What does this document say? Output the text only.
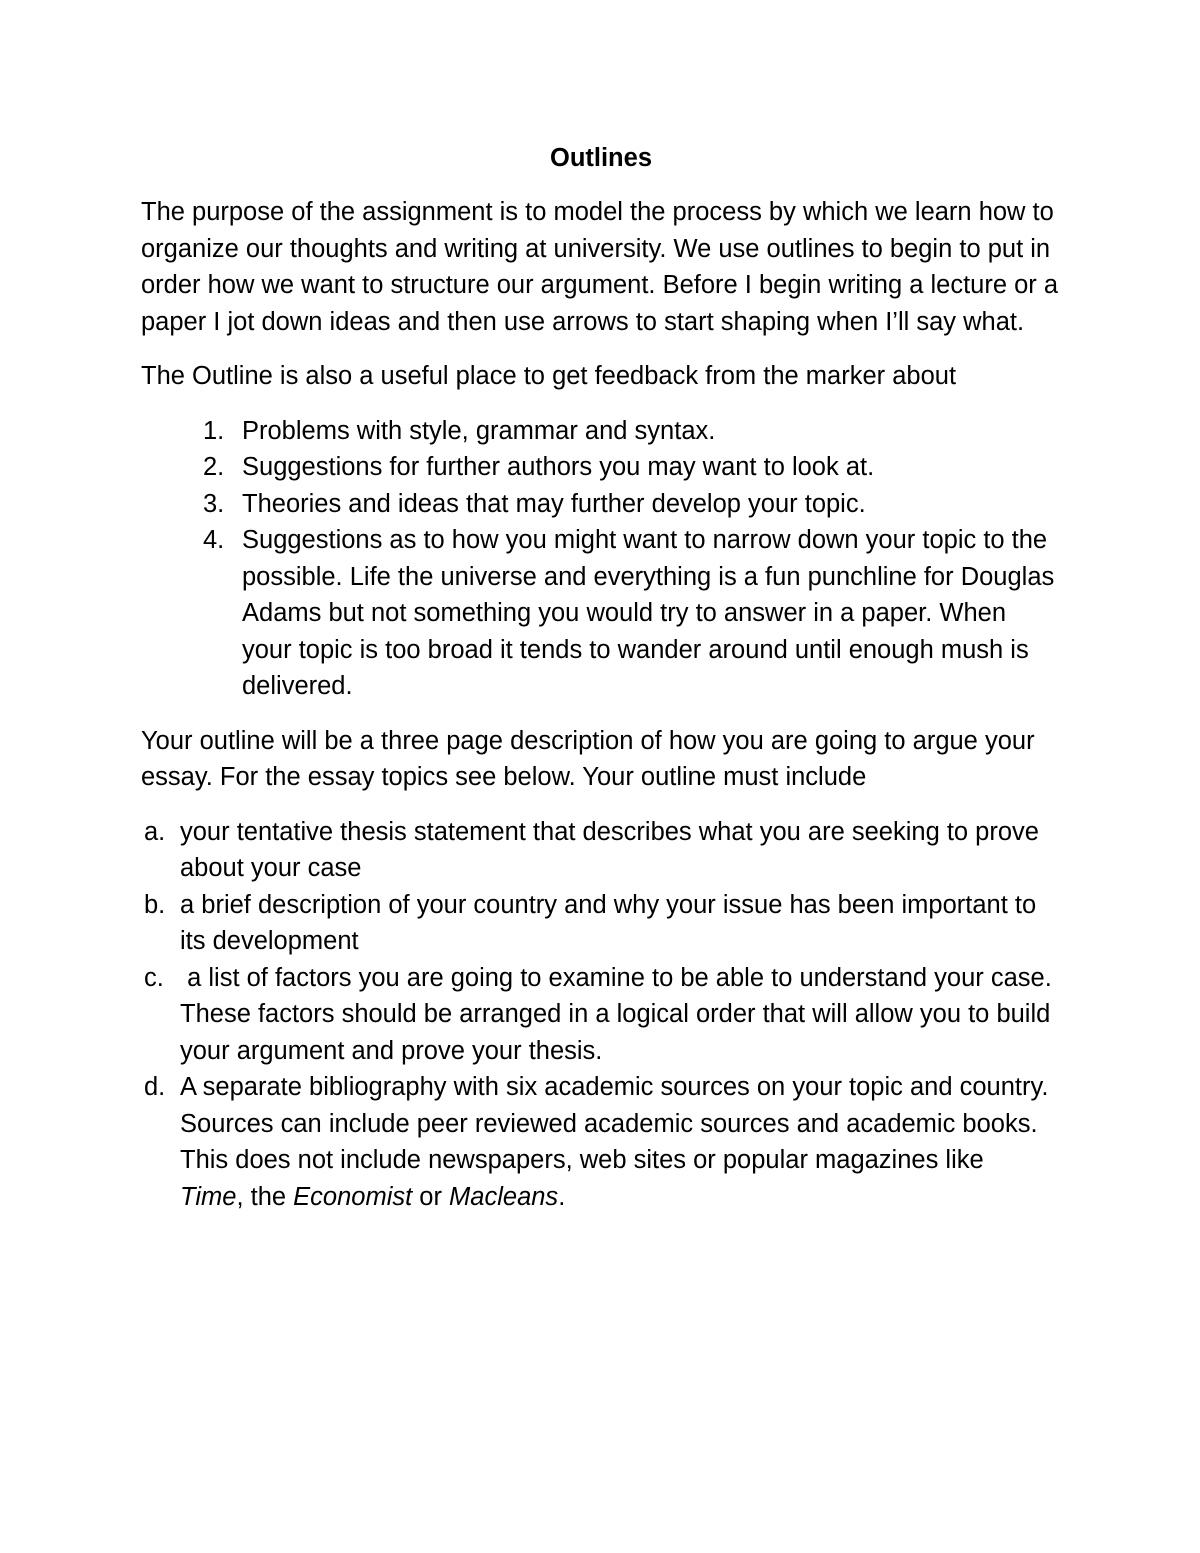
Outlines

The purpose of the assignment is to model the process by which we learn how to organize our thoughts and writing at university. We use outlines to begin to put in order how we want to structure our argument. Before I begin writing a lecture or a paper I jot down ideas and then use arrows to start shaping when I’ll say what.

The Outline is also a useful place to get feedback from the marker about

1. Problems with style, grammar and syntax.
2. Suggestions for further authors you may want to look at.
3. Theories and ideas that may further develop your topic.
4. Suggestions as to how you might want to narrow down your topic to the possible. Life the universe and everything is a fun punchline for Douglas Adams but not something you would try to answer in a paper. When your topic is too broad it tends to wander around until enough mush is delivered.

Your outline will be a three page description of how you are going to argue your essay. For the essay topics see below. Your outline must include

a. your tentative thesis statement that describes what you are seeking to prove about your case
b. a brief description of your country and why your issue has been important to its development
c. a list of factors you are going to examine to be able to understand your case. These factors should be arranged in a logical order that will allow you to build your argument and prove your thesis.
d. A separate bibliography with six academic sources on your topic and country. Sources can include peer reviewed academic sources and academic books. This does not include newspapers, web sites or popular magazines like Time, the Economist or Macleans.
